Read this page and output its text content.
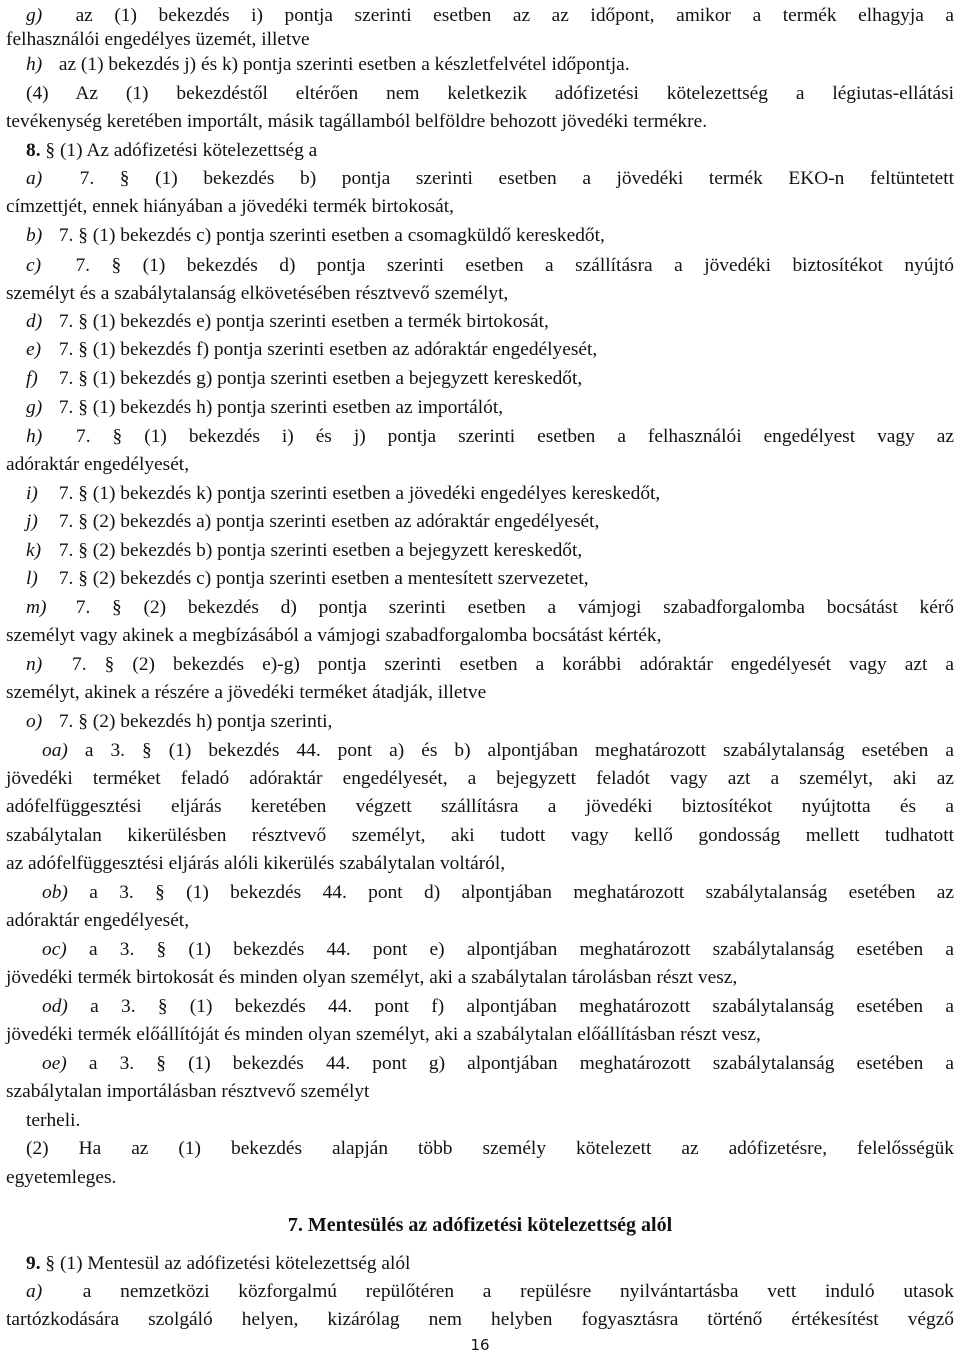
g) az (1) bekezdés i) pontja szerinti esetben az az időpont, amikor a termék elhagyja a
felhasználói engedélyes üzemét, illetve
h) az (1) bekezdés j) és k) pontja szerinti esetben a készletfelvétel időpontja.
(4) Az (1) bekezdéstől eltérően nem keletkezik adófizetési kötelezettség a légiutas-ellátási
tevékenység keretében importált, másik tagállamból belföldre behozott jövedéki termékre.
8. § (1) Az adófizetési kötelezettség a
a) 7. § (1) bekezdés b) pontja szerinti esetben a jövedéki termék EKO-n feltüntetett
címzettjét, ennek hiányában a jövedéki termék birtokosát,
b) 7. § (1) bekezdés c) pontja szerinti esetben a csomagküldő kereskedőt,
c) 7. § (1) bekezdés d) pontja szerinti esetben a szállításra a jövedéki biztosítékot nyújtó
személyt és a szabálytalanság elkövetésében résztvevő személyt,
d) 7. § (1) bekezdés e) pontja szerinti esetben a termék birtokosát,
e) 7. § (1) bekezdés f) pontja szerinti esetben az adóraktár engedélyesét,
f) 7. § (1) bekezdés g) pontja szerinti esetben a bejegyzett kereskedőt,
g) 7. § (1) bekezdés h) pontja szerinti esetben az importálót,
h) 7. § (1) bekezdés i) és j) pontja szerinti esetben a felhasználói engedélyest vagy az
adóraktár engedélyesét,
i) 7. § (1) bekezdés k) pontja szerinti esetben a jövedéki engedélyes kereskedőt,
j) 7. § (2) bekezdés a) pontja szerinti esetben az adóraktár engedélyesét,
k) 7. § (2) bekezdés b) pontja szerinti esetben a bejegyzett kereskedőt,
l) 7. § (2) bekezdés c) pontja szerinti esetben a mentesített szervezetet,
m) 7. § (2) bekezdés d) pontja szerinti esetben a vámjogi szabadforgalomba bocsátást kérő
személyt vagy akinek a megbízásából a vámjogi szabadforgalomba bocsátást kérték,
n) 7. § (2) bekezdés e)-g) pontja szerinti esetben a korábbi adóraktár engedélyesét vagy azt a
személyt, akinek a részére a jövedéki terméket átadják, illetve
o) 7. § (2) bekezdés h) pontja szerinti,
oa) a 3. § (1) bekezdés 44. pont a) és b) alpontjában meghatározott szabálytalanság esetében a
jövedéki terméket feladó adóraktár engedélyesét, a bejegyzett feladót vagy azt a személyt, aki az
adófelfüggesztési eljárás keretében végzett szállításra a jövedéki biztosítékot nyújtotta és a
szabálytalan kikerülésben résztvevő személyt, aki tudott vagy kellő gondosság mellett tudhatott
az adófelfüggesztési eljárás alóli kikerülés szabálytalan voltáról,
ob) a 3. § (1) bekezdés 44. pont d) alpontjában meghatározott szabálytalanság esetében az
adóraktár engedélyesét,
oc) a 3. § (1) bekezdés 44. pont e) alpontjában meghatározott szabálytalanság esetében a
jövedéki termék birtokosát és minden olyan személyt, aki a szabálytalan tárolásban részt vesz,
od) a 3. § (1) bekezdés 44. pont f) alpontjában meghatározott szabálytalanság esetében a
jövedéki termék előállítóját és minden olyan személyt, aki a szabálytalan előállításban részt vesz,
oe) a 3. § (1) bekezdés 44. pont g) alpontjában meghatározott szabálytalanság esetében a
szabálytalan importálásban résztvevő személyt
terheli.
(2) Ha az (1) bekezdés alapján több személy kötelezett az adófizetésre, felelősségük
egyetemleges.
7. Mentesülés az adófizetési kötelezettség alól
9. § (1) Mentesül az adófizetési kötelezettség alól
a) a nemzetközi közforgalmú repülőtéren a repülésre nyilvántartásba vett induló utasok
tartózkodására szolgáló helyen, kizárólag nem helyben fogyasztásra történő értékesítést végző
16
